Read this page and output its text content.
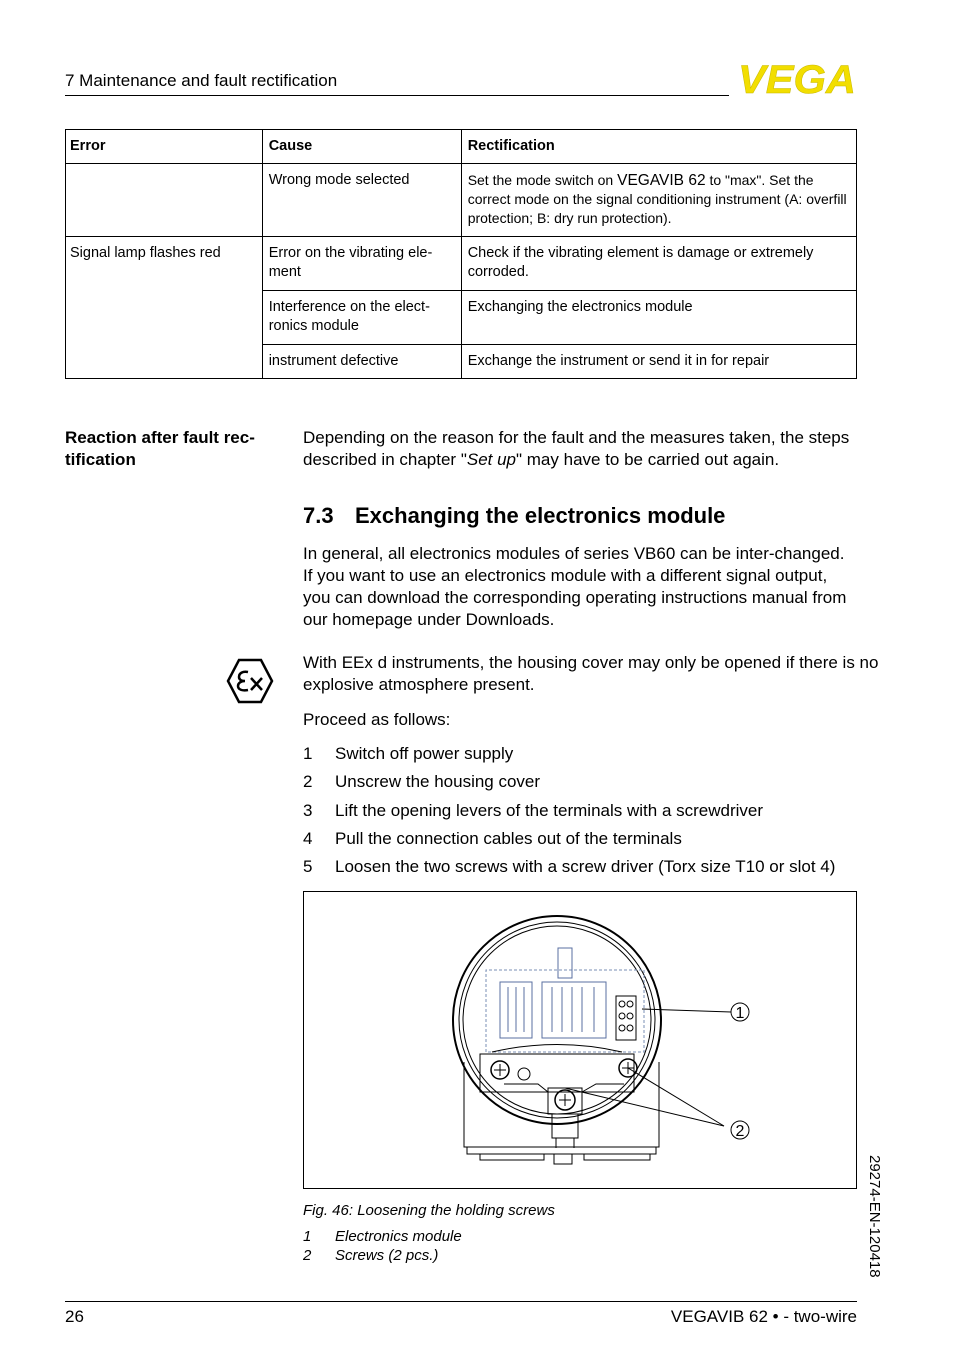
7 Maintenance and fault rectification	VEGA
Error	Cause	Rectification
	Wrong mode selected	Set the mode switch on VEGAVIB 62 to "max". Set the correct mode on the signal conditioning instrument (A: overfill protection; B: dry run protection).
Signal lamp flashes red	Error on the vibrating ele-ment	Check if the vibrating element is damage or extremely corroded.
	Interference on the elect-ronics module	Exchanging the electronics module
	instrument defective	Exchange the instrument or send it in for repair
Reaction after fault rec-tification
Depending on the reason for the fault and the measures taken, the steps described in chapter "Set up" may have to be carried out again.
7.3 Exchanging the electronics module
In general, all electronics modules of series VB60 can be inter-changed. If you want to use an electronics module with a different signal output, you can download the corresponding operating instructions manual from our homepage under Downloads.
With EEx d instruments, the housing cover may only be opened if there is no explosive atmosphere present.
Proceed as follows:
1 Switch off power supply
2 Unscrew the housing cover
3 Lift the opening levers of the terminals with a screwdriver
4 Pull the connection cables out of the terminals
5 Loosen the two screws with a screw driver (Torx size T10 or slot 4)
1
2
Fig. 46: Loosening the holding screws
1 Electronics module
2 Screws (2 pcs.)	29274-EN-120418
26	VEGAVIB 62 • - two-wire
